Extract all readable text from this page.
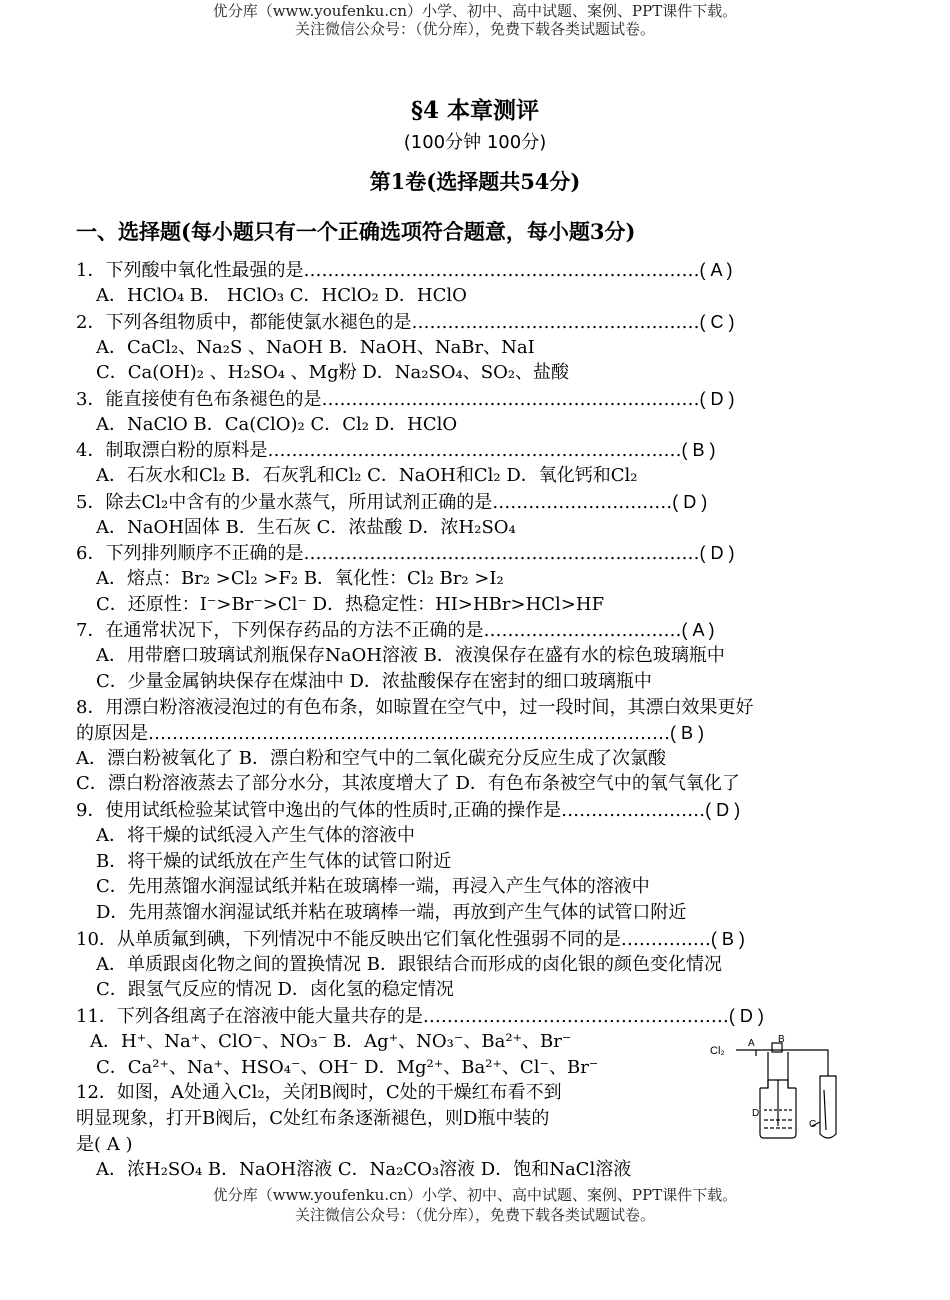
优分库（www.youfenku.cn）小学、初中、高中试题、案例、PPT课件下载。
关注微信公众号：（优分库），免费下载各类试题试卷。
§4 本章测评
(100分钟 100分)
第1卷(选择题共54分)
一、选择题(每小题只有一个正确选项符合题意，每小题3分)
1．下列酸中氧化性最强的是…………………………………………………………( A )
A．HClO₄ B． HClO₃ C．HClO₂ D．HClO
2．下列各组物质中，都能使氯水褪色的是…………………………………………( C )
A．CaCl₂、Na₂S 、NaOH B．NaOH、NaBr、NaI
C．Ca(OH)₂ 、H₂SO₄ 、Mg粉 D．Na₂SO₄、SO₂、盐酸
3．能直接使有色布条褪色的是………………………………………………………( D )
A．NaClO B．Ca(ClO)₂ C．Cl₂ D．HClO
4．制取漂白粉的原料是……………………………………………………………( B )
A．石灰水和Cl₂ B．石灰乳和Cl₂ C．NaOH和Cl₂ D．氧化钙和Cl₂
5．除去Cl₂中含有的少量水蒸气，所用试剂正确的是…………………………( D )
A．NaOH固体 B．生石灰 C．浓盐酸 D．浓H₂SO₄
6．下列排列顺序不正确的是…………………………………………………………( D )
A．熔点：Br₂ >Cl₂ >F₂ B．氧化性：Cl₂ Br₂ >I₂
C．还原性：I⁻>Br⁻>Cl⁻ D．热稳定性：HI>HBr>HCl>HF
7．在通常状况下，下列保存药品的方法不正确的是……………………………( A )
A．用带磨口玻璃试剂瓶保存NaOH溶液 B．液溴保存在盛有水的棕色玻璃瓶中
C．少量金属钠块保存在煤油中 D．浓盐酸保存在密封的细口玻璃瓶中
8．用漂白粉溶液浸泡过的有色布条，如晾置在空气中，过一段时间，其漂白效果更好
的原因是……………………………………………………………………………( B )
A．漂白粉被氧化了 B．漂白粉和空气中的二氧化碳充分反应生成了次氯酸
C．漂白粉溶液蒸去了部分水分，其浓度增大了 D．有色布条被空气中的氧气氧化了
9．使用试纸检验某试管中逸出的气体的性质时,正确的操作是……………………( D )
A．将干燥的试纸浸入产生气体的溶液中
B．将干燥的试纸放在产生气体的试管口附近
C．先用蒸馏水润湿试纸并粘在玻璃棒一端，再浸入产生气体的溶液中
D．先用蒸馏水润湿试纸并粘在玻璃棒一端，再放到产生气体的试管口附近
10．从单质氟到碘，下列情况中不能反映出它们氧化性强弱不同的是……………( B )
A．单质跟卤化物之间的置换情况 B．跟银结合而形成的卤化银的颜色变化情况
C．跟氢气反应的情况 D．卤化氢的稳定情况
11．下列各组离子在溶液中能大量共存的是……………………………………………( D )
A．H⁺、Na⁺、ClO⁻、NO₃⁻ B．Ag⁺、NO₃⁻、Ba²⁺、Br⁻
C．Ca²⁺、Na⁺、HSO₄⁻、OH⁻ D．Mg²⁺、Ba²⁺、Cl⁻、Br⁻
12．如图，A处通入Cl₂，关闭B阀时，C处的干燥红布看不到
明显现象，打开B阀后，C处红布条逐渐褪色，则D瓶中装的
是( A )
A．浓H₂SO₄ B．NaOH溶液 C．Na₂CO₃溶液 D．饱和NaCl溶液
Cl₂
A B
C
D
优分库（www.youfenku.cn）小学、初中、高中试题、案例、PPT课件下载。
关注微信公众号：（优分库），免费下载各类试题试卷。
